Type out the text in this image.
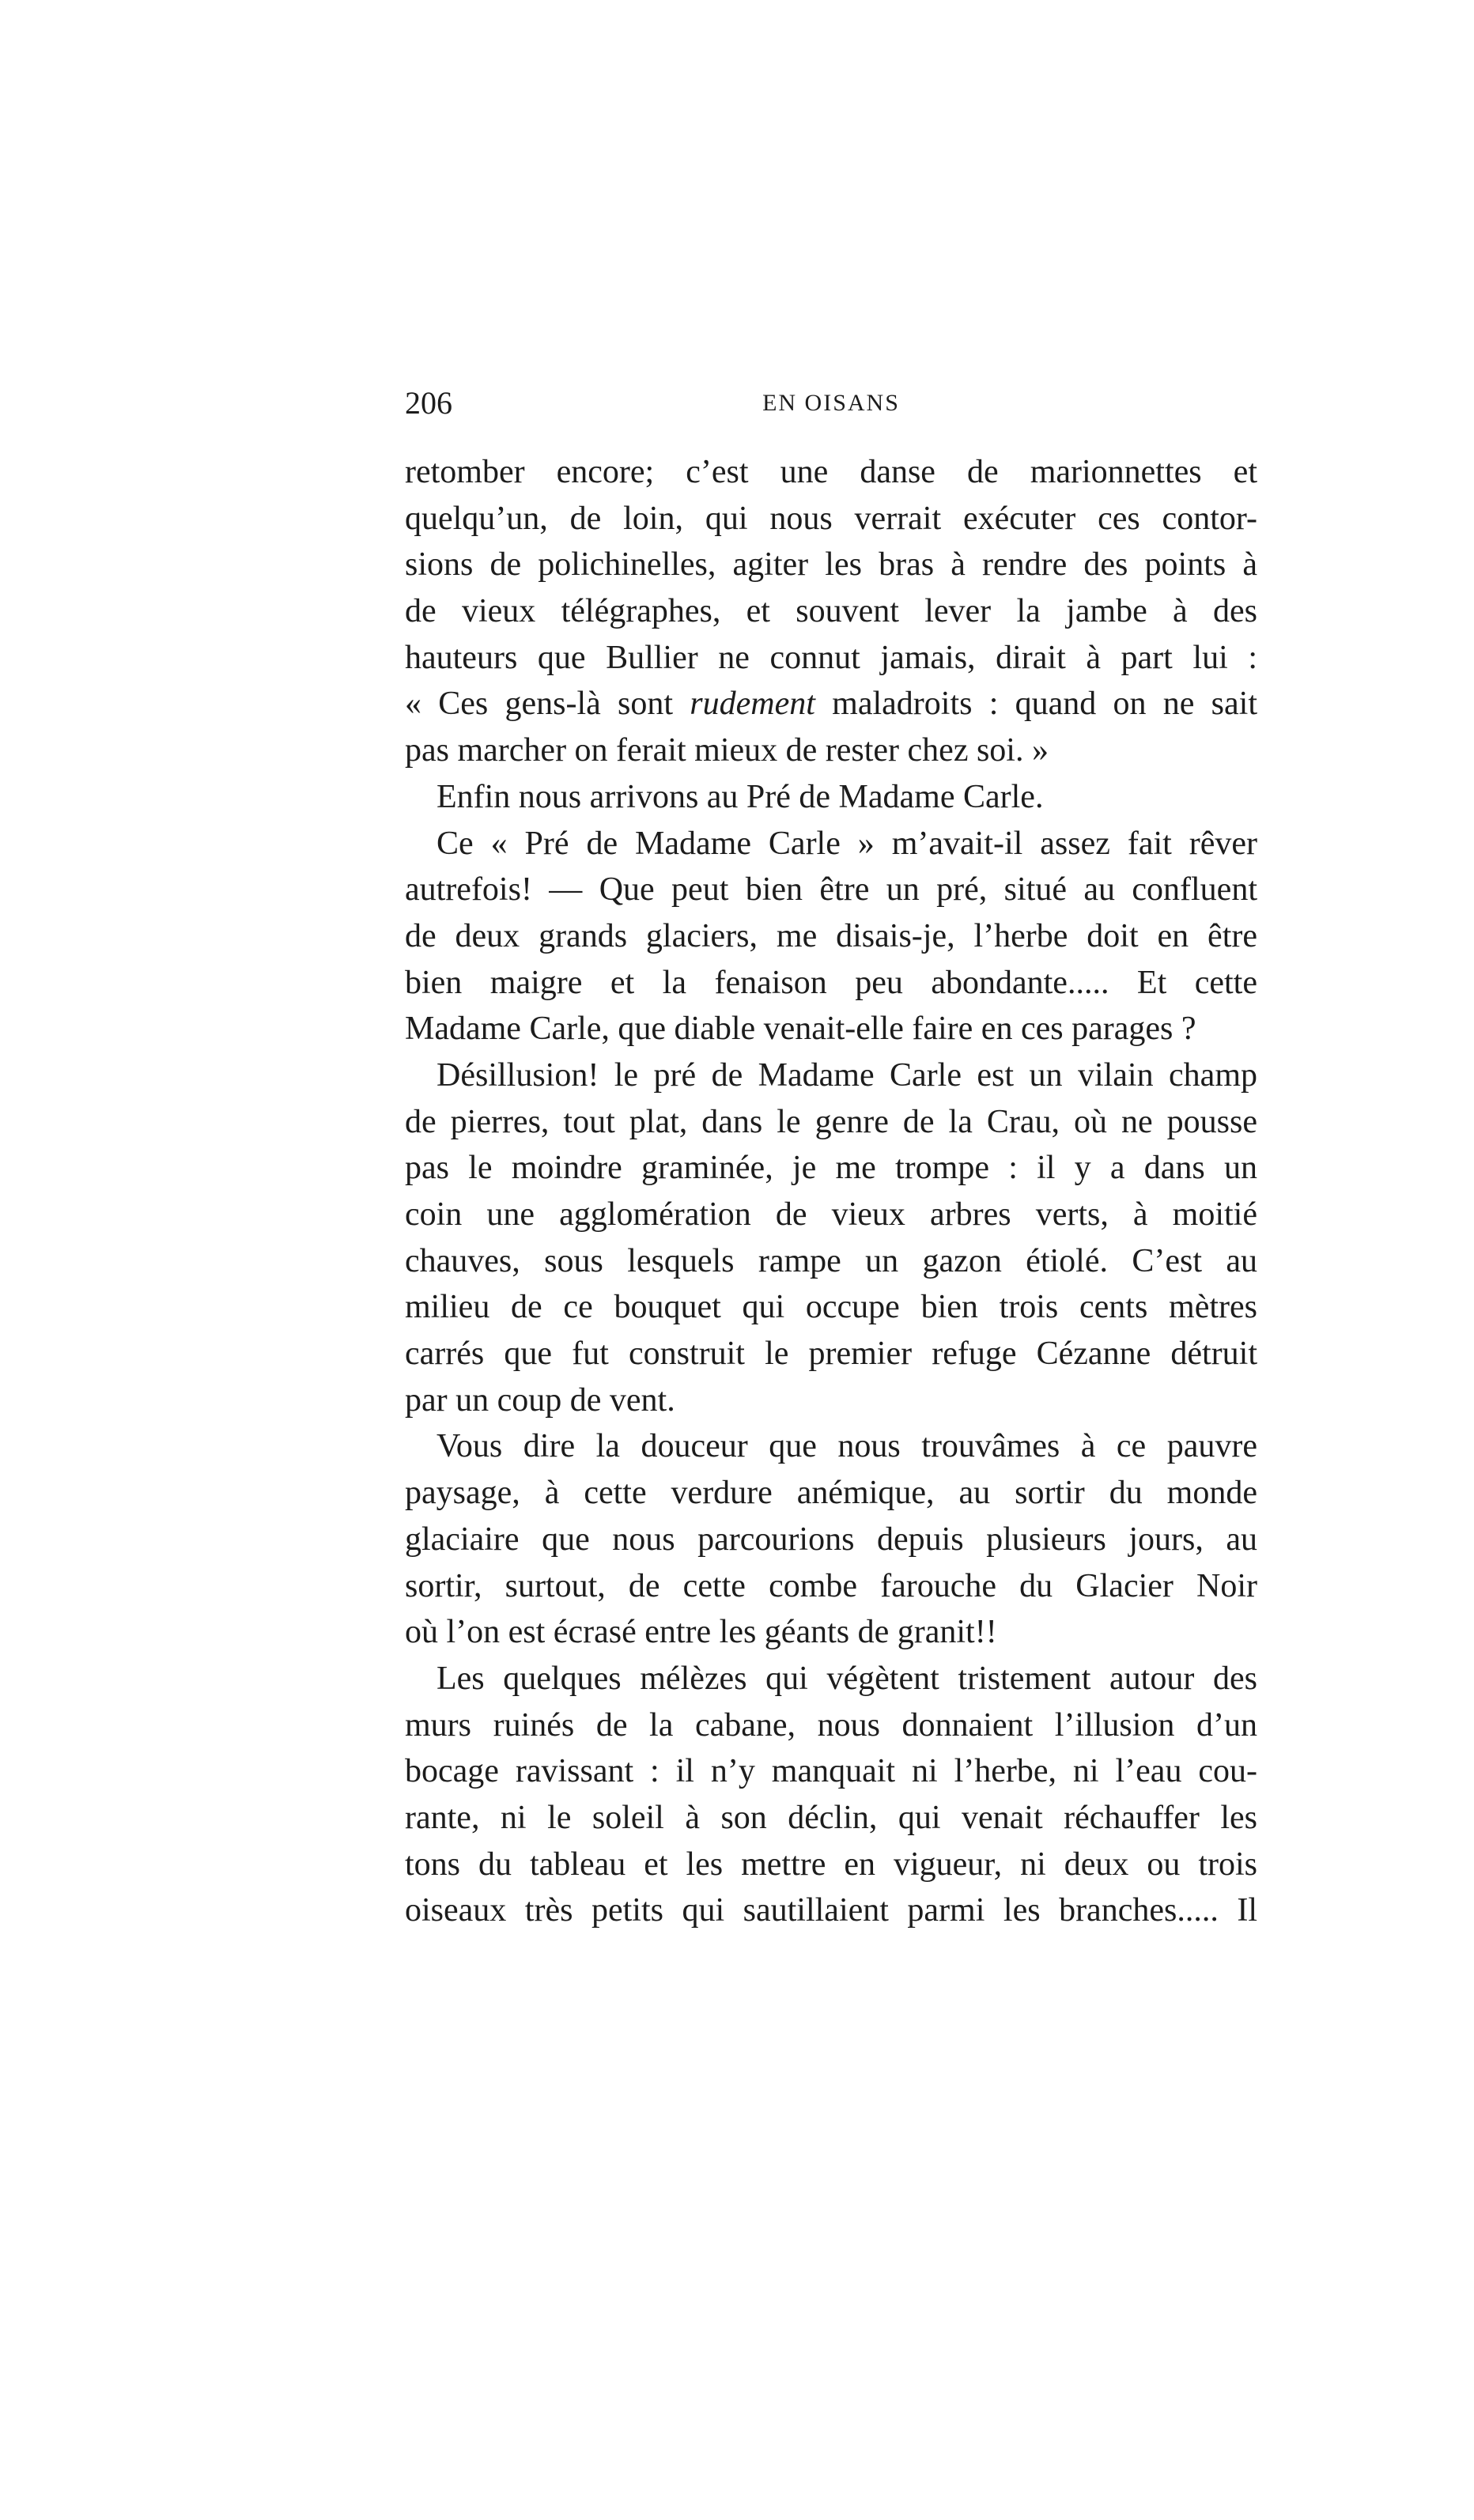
206	EN OISANS
retomber encore; c’est une danse de marionnettes et
quelqu’un, de loin, qui nous verrait exécuter ces contor-
sions de polichinelles, agiter les bras à rendre des points à
de vieux télégraphes, et souvent lever la jambe à des
hauteurs que Bullier ne connut jamais, dirait à part lui :
« Ces gens-là sont rudement maladroits : quand on ne sait
pas marcher on ferait mieux de rester chez soi. »
Enfin nous arrivons au Pré de Madame Carle.
Ce « Pré de Madame Carle » m’avait-il assez fait rêver
autrefois! — Que peut bien être un pré, situé au confluent
de deux grands glaciers, me disais-je, l’herbe doit en être
bien maigre et la fenaison peu abondante..... Et cette
Madame Carle, que diable venait-elle faire en ces parages ?
Désillusion! le pré de Madame Carle est un vilain champ
de pierres, tout plat, dans le genre de la Crau, où ne pousse
pas le moindre graminée, je me trompe : il y a dans un
coin une agglomération de vieux arbres verts, à moitié
chauves, sous lesquels rampe un gazon étiolé. C’est au
milieu de ce bouquet qui occupe bien trois cents mètres
carrés que fut construit le premier refuge Cézanne détruit
par un coup de vent.
Vous dire la douceur que nous trouvâmes à ce pauvre
paysage, à cette verdure anémique, au sortir du monde
glaciaire que nous parcourions depuis plusieurs jours, au
sortir, surtout, de cette combe farouche du Glacier Noir
où l’on est écrasé entre les géants de granit!!
Les quelques mélèzes qui végètent tristement autour des
murs ruinés de la cabane, nous donnaient l’illusion d’un
bocage ravissant : il n’y manquait ni l’herbe, ni l’eau cou-
rante, ni le soleil à son déclin, qui venait réchauffer les
tons du tableau et les mettre en vigueur, ni deux ou trois
oiseaux très petits qui sautillaient parmi les branches..... Il
